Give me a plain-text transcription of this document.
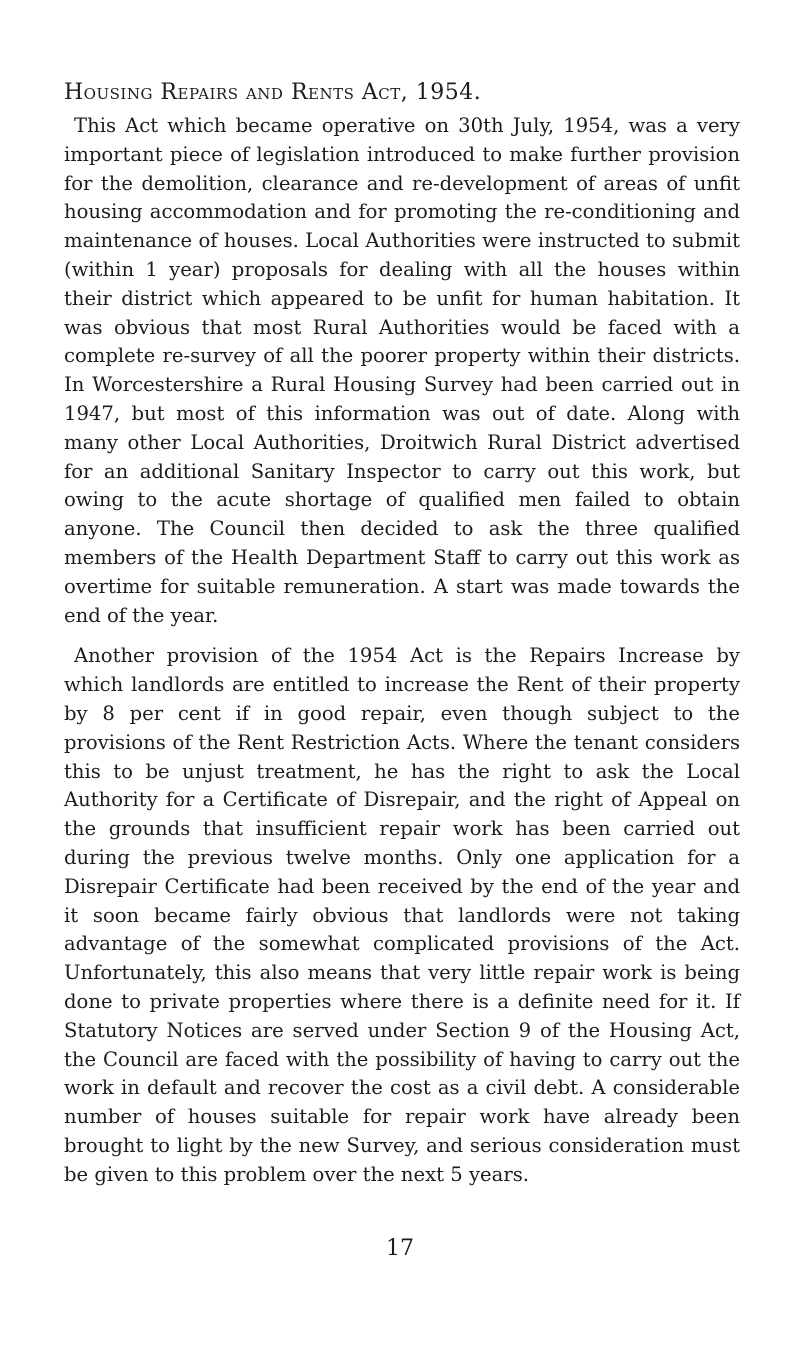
Housing Repairs and Rents Act, 1954.

This Act which became operative on 30th July, 1954, was a very important piece of legislation introduced to make further provision for the demolition, clearance and re-development of areas of unfit housing accommodation and for promoting the re-conditioning and maintenance of houses. Local Authorities were instructed to submit (within 1 year) proposals for dealing with all the houses within their district which appeared to be unfit for human habitation. It was obvious that most Rural Authorities would be faced with a complete re-survey of all the poorer property within their districts. In Worcestershire a Rural Housing Survey had been carried out in 1947, but most of this information was out of date. Along with many other Local Authorities, Droitwich Rural District advertised for an additional Sanitary Inspector to carry out this work, but owing to the acute shortage of qualified men failed to obtain anyone. The Council then decided to ask the three qualified members of the Health Department Staff to carry out this work as overtime for suitable remuneration. A start was made towards the end of the year.

Another provision of the 1954 Act is the Repairs Increase by which landlords are entitled to increase the Rent of their property by 8 per cent if in good repair, even though subject to the provisions of the Rent Restriction Acts. Where the tenant considers this to be unjust treatment, he has the right to ask the Local Authority for a Certificate of Disrepair, and the right of Appeal on the grounds that insufficient repair work has been carried out during the previous twelve months. Only one application for a Disrepair Certificate had been received by the end of the year and it soon became fairly obvious that landlords were not taking advantage of the somewhat complicated provisions of the Act. Unfortunately, this also means that very little repair work is being done to private properties where there is a definite need for it. If Statutory Notices are served under Section 9 of the Housing Act, the Council are faced with the possibility of having to carry out the work in default and recover the cost as a civil debt. A considerable number of houses suitable for repair work have already been brought to light by the new Survey, and serious consideration must be given to this problem over the next 5 years.

17
